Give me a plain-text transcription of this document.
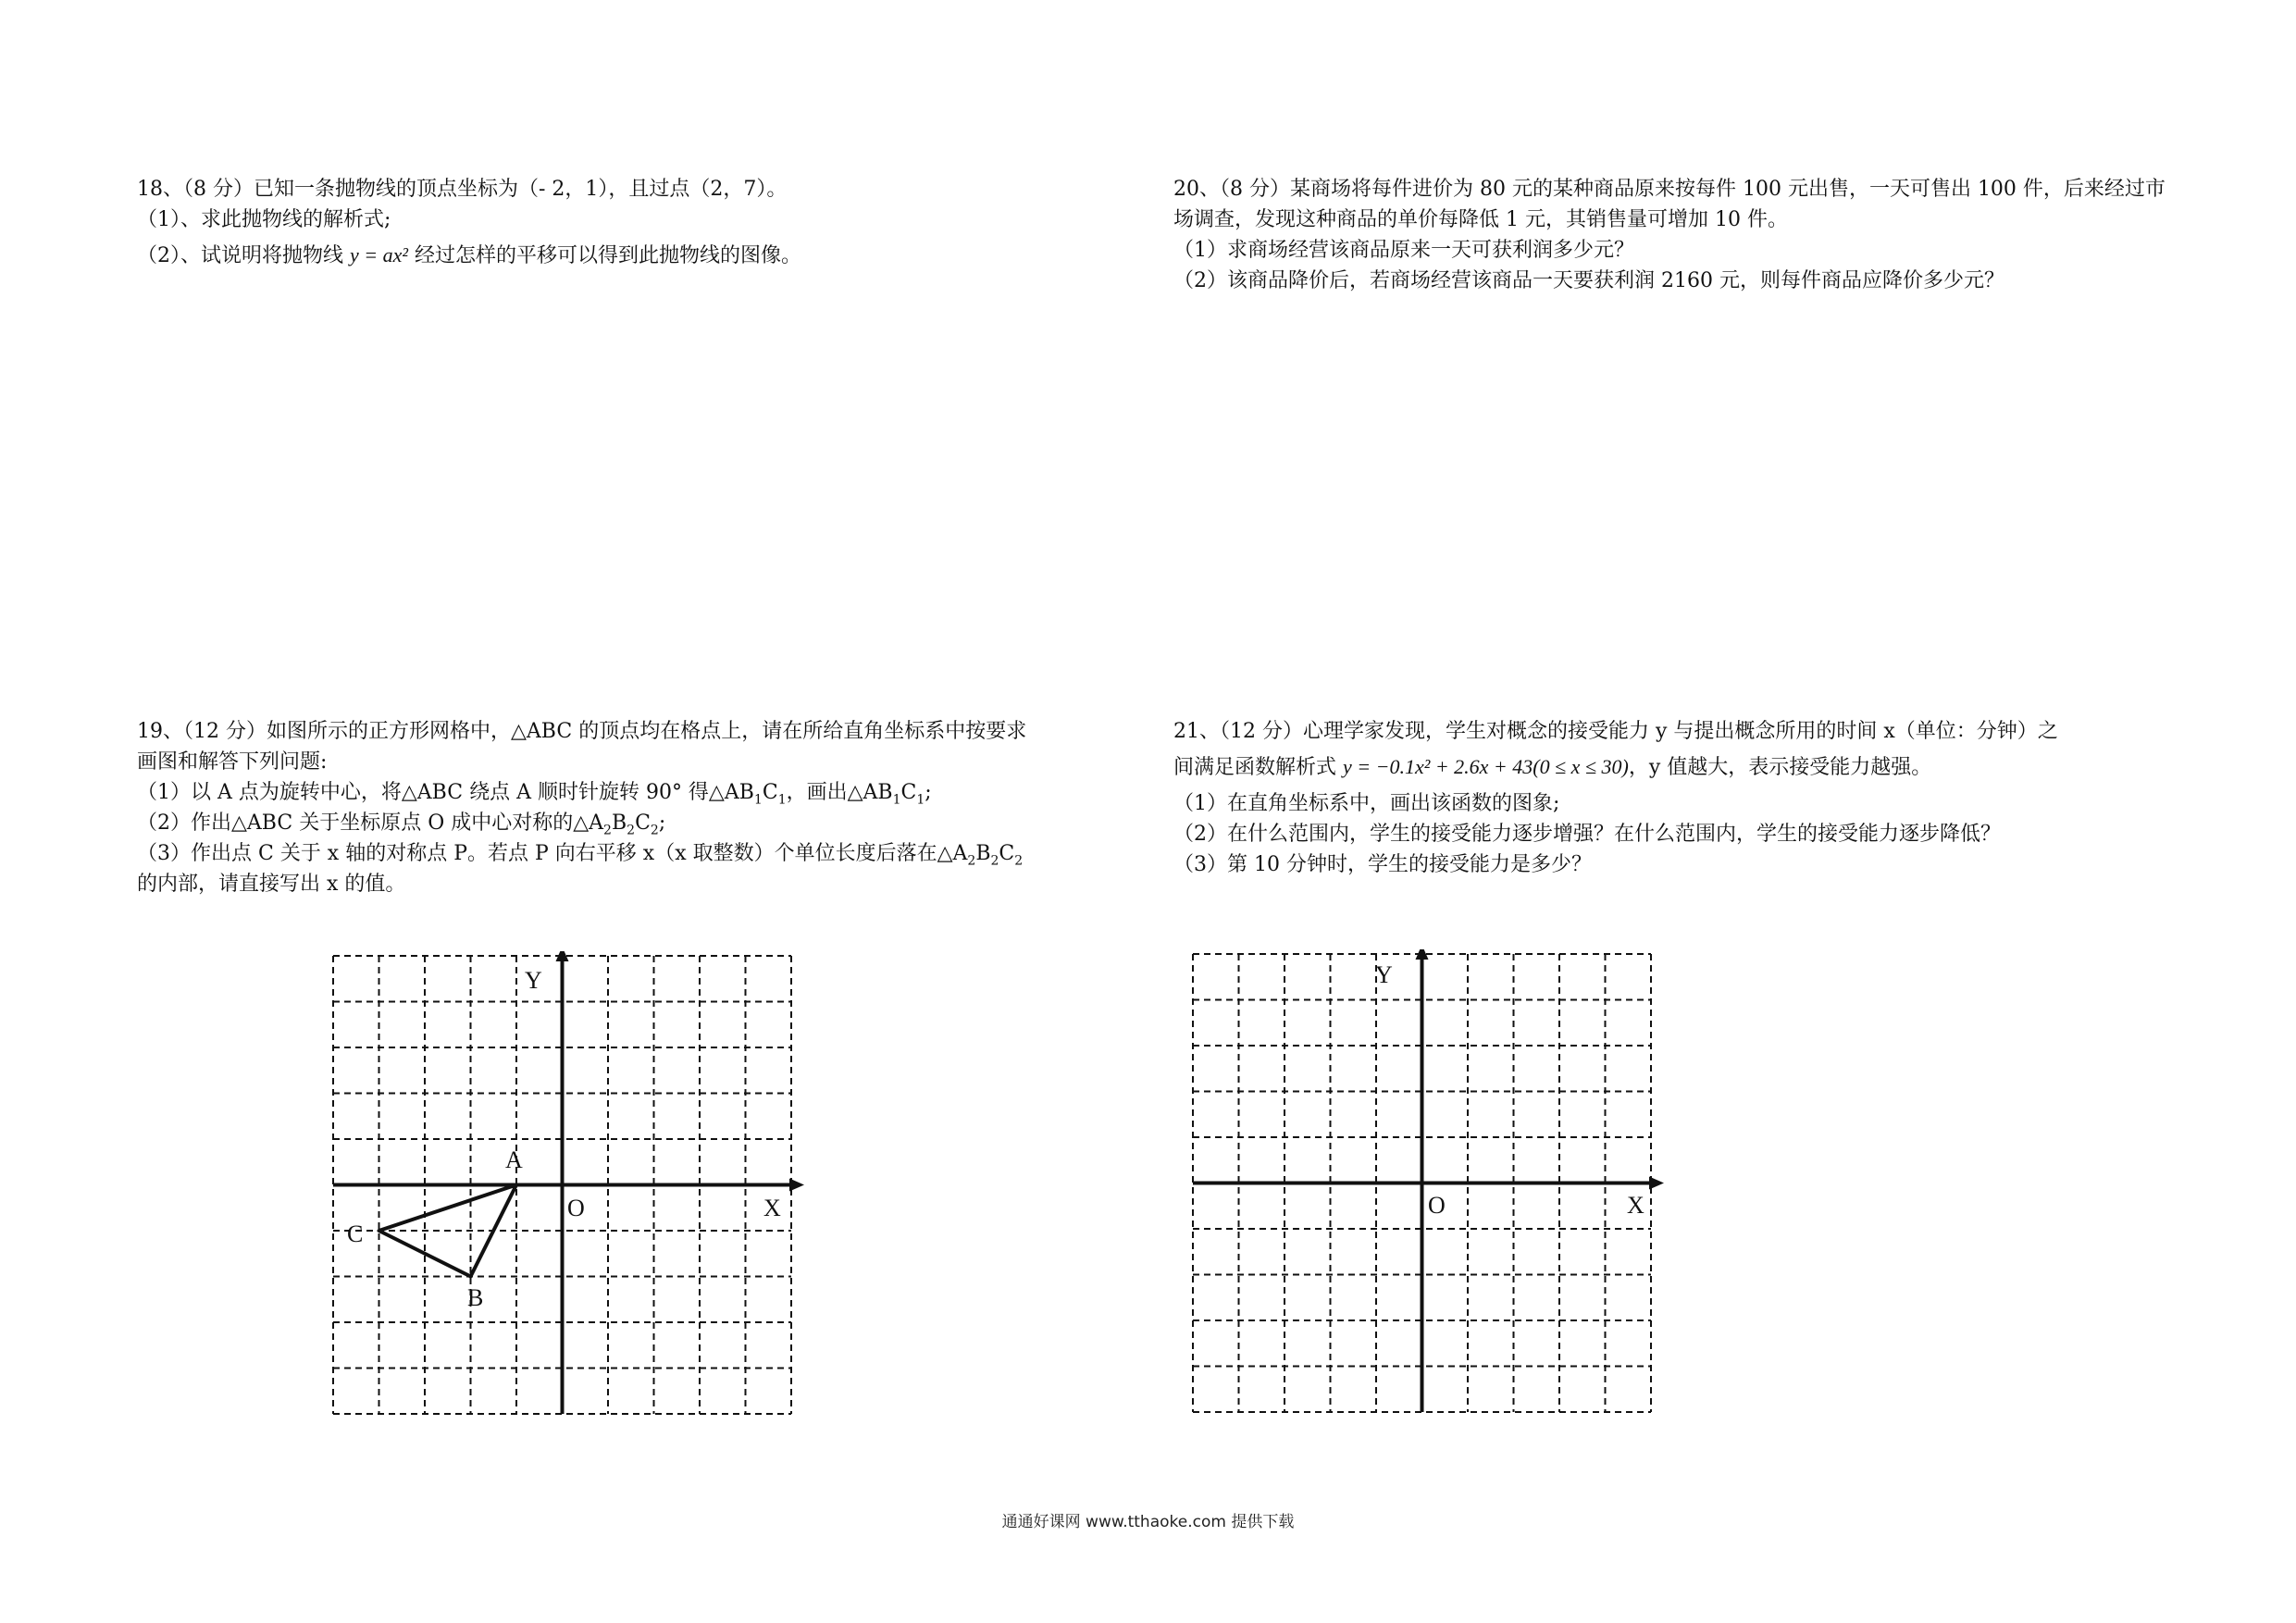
18、（8 分）已知一条抛物线的顶点坐标为（- 2，1），且过点（2，7）。

（1）、求此抛物线的解析式;

（2）、试说明将抛物线 y = ax² 经过怎样的平移可以得到此抛物线的图像。

20、（8 分）某商场将每件进价为 80 元的某种商品原来按每件 100 元出售，一天可售出 100 件，后来经过市场调查，发现这种商品的单价每降低 1 元，其销售量可增加 10 件。

（1）求商场经营该商品原来一天可获利润多少元？

（2）该商品降价后，若商场经营该商品一天要获利润 2160 元，则每件商品应降价多少元？

19、（12 分）如图所示的正方形网格中，△ABC 的顶点均在格点上，请在所给直角坐标系中按要求

画图和解答下列问题:

（1）以 A 点为旋转中心，将△ABC 绕点 A 顺时针旋转 90° 得$\triangle AB_1C_1$，画出$\triangle AB_1C_1$;

（2）作出△ABC 关于坐标原点 O 成中心对称的$\triangle A_2B_2C_2$;

（3）作出点 C 关于 x 轴的对称点 P。若点 P 向右平移 x（x 取整数）个单位长度后落在$\triangle A_2B_2C_2$

的内部，请直接写出 x 的值。

21、（12 分）心理学家发现，学生对概念的接受能力 y 与提出概念所用的时间 x（单位：分钟）之

间满足函数解析式 y = −0.1x² + 2.6x + 43(0 ≤ x ≤ 30)，y 值越大，表示接受能力越强。

（1）在直角坐标系中，画出该函数的图象;

（2）在什么范围内，学生的接受能力逐步增强？在什么范围内，学生的接受能力逐步降低？

（3）第 10 分钟时，学生的接受能力是多少？

Y
X
O
A
B
C
Y
X
O
通通好课网 www.tthaoke.com 提供下载
